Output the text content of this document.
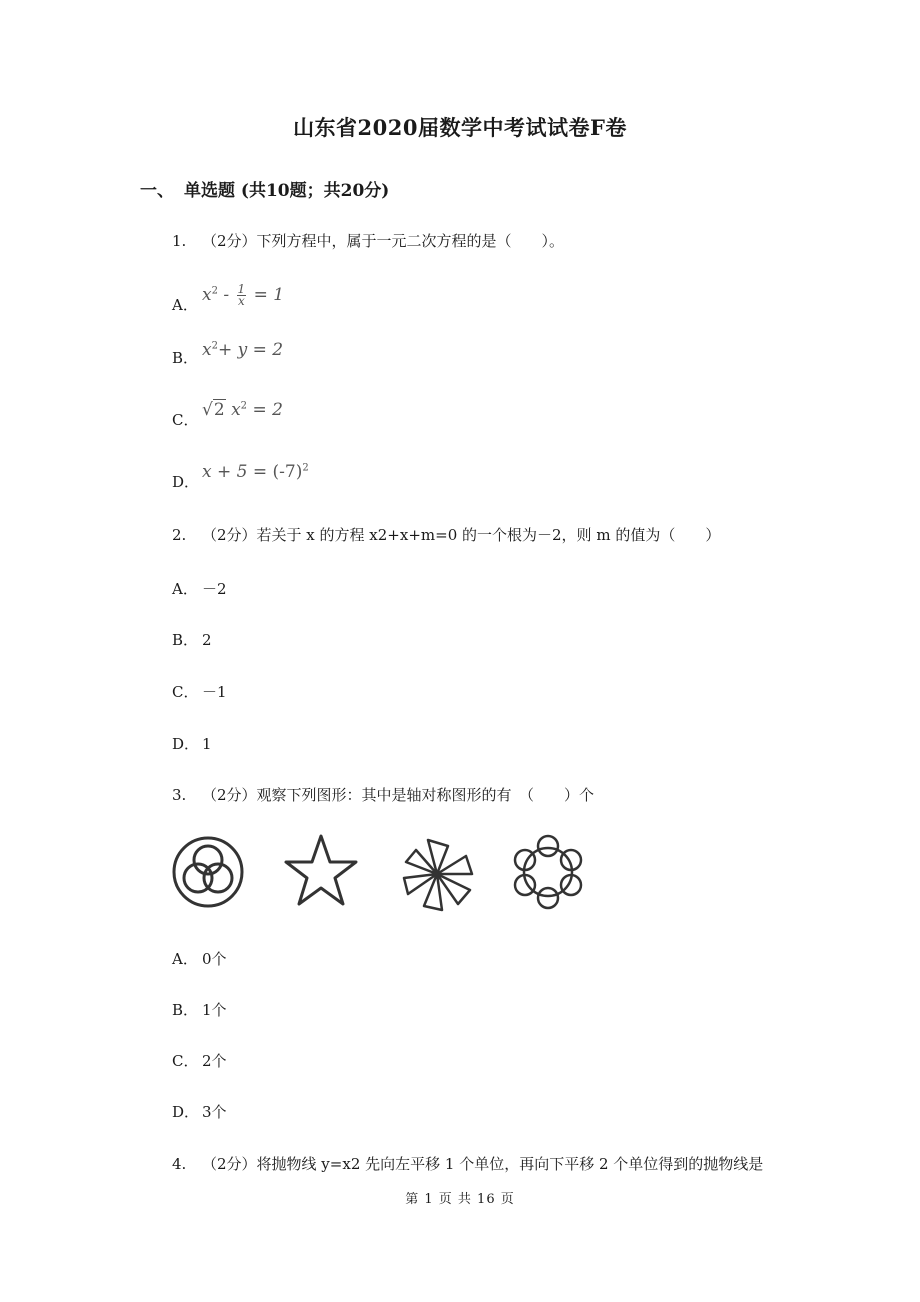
山东省2020届数学中考试试卷F卷
一、 单选题 (共10题；共20分)
1. （2分）下列方程中，属于一元二次方程的是（　　）。
A． $x^2 - \frac{1}{x} = 1$
B． $x^2+ y = 2$
C． √2 $x^2 = 2$
D． $x + 5 = (-7)^2$
2. （2分）若关于 x 的方程 x2+x+m=0 的一个根为－2，则 m 的值为（　　）
A． －2
B． 2
C． －1
D． 1
3. （2分）观察下列图形：其中是轴对称图形的有　（　　）个
A． 0个
B． 1个
C． 2个
D． 3个
4. （2分）将抛物线 y=x2 先向左平移 1 个单位，再向下平移 2 个单位得到的抛物线是
第 1 页 共 16 页
